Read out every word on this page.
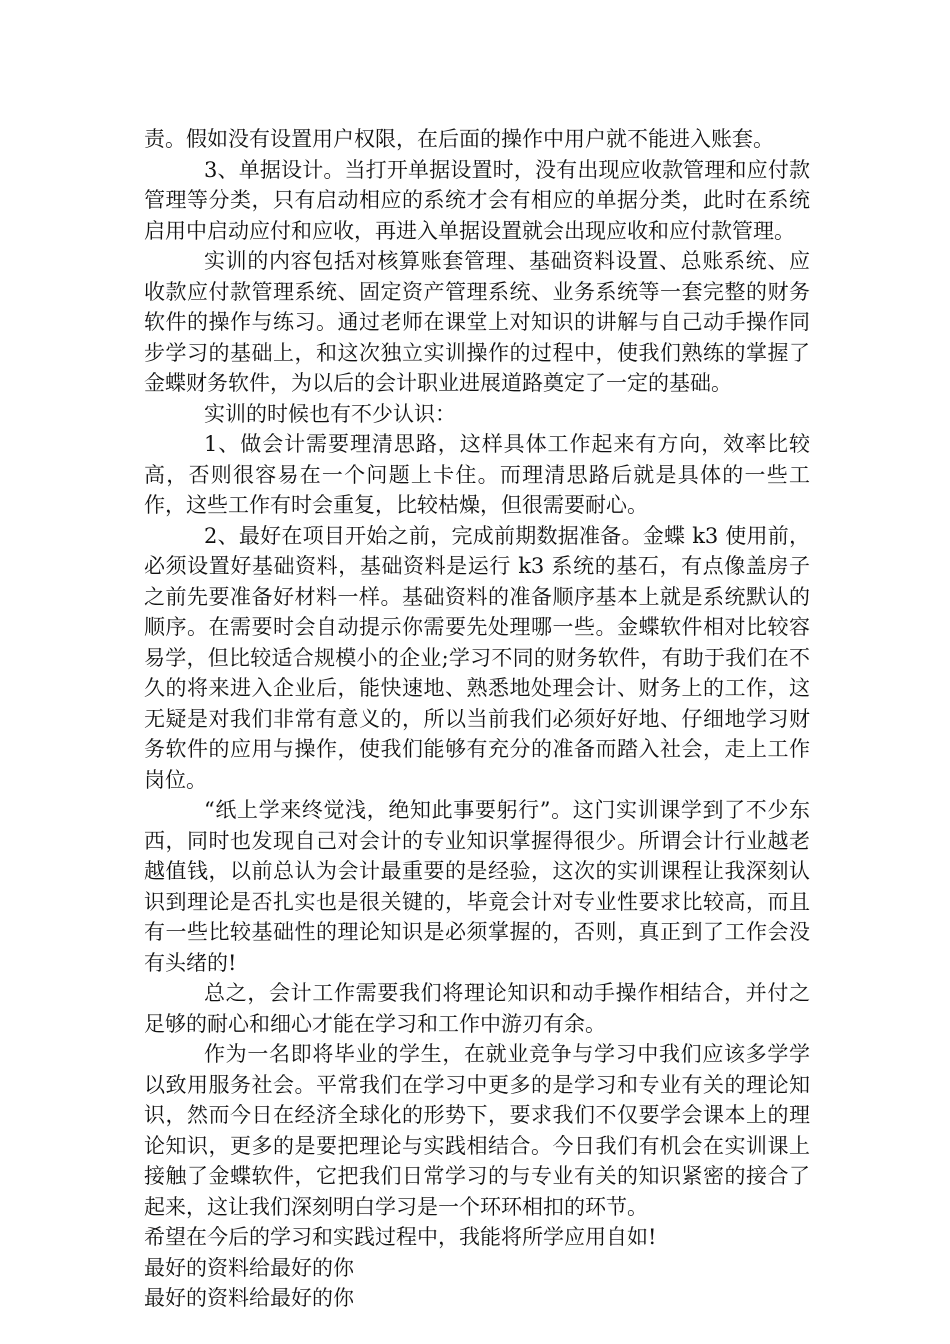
责。假如没有设置用户权限，在后面的操作中用户就不能进入账套。

3、单据设计。当打开单据设置时，没有出现应收款管理和应付款管理等分类，只有启动相应的系统才会有相应的单据分类，此时在系统启用中启动应付和应收，再进入单据设置就会出现应收和应付款管理。

实训的内容包括对核算账套管理、基础资料设置、总账系统、应收款应付款管理系统、固定资产管理系统、业务系统等一套完整的财务软件的操作与练习。通过老师在课堂上对知识的讲解与自己动手操作同步学习的基础上，和这次独立实训操作的过程中，使我们熟练的掌握了金蝶财务软件，为以后的会计职业进展道路奠定了一定的基础。

实训的时候也有不少认识：

1、做会计需要理清思路，这样具体工作起来有方向，效率比较高，否则很容易在一个问题上卡住。而理清思路后就是具体的一些工作，这些工作有时会重复，比较枯燥，但很需要耐心。

2、最好在项目开始之前，完成前期数据准备。金蝶 k3 使用前，必须设置好基础资料，基础资料是运行 k3 系统的基石，有点像盖房子之前先要准备好材料一样。基础资料的准备顺序基本上就是系统默认的顺序。在需要时会自动提示你需要先处理哪一些。金蝶软件相对比较容易学，但比较适合规模小的企业;学习不同的财务软件，有助于我们在不久的将来进入企业后，能快速地、熟悉地处理会计、财务上的工作，这无疑是对我们非常有意义的，所以当前我们必须好好地、仔细地学习财务软件的应用与操作，使我们能够有充分的准备而踏入社会，走上工作岗位。

“纸上学来终觉浅，绝知此事要躬行”。这门实训课学到了不少东西，同时也发现自己对会计的专业知识掌握得很少。所谓会计行业越老越值钱，以前总认为会计最重要的是经验，这次的实训课程让我深刻认识到理论是否扎实也是很关键的，毕竟会计对专业性要求比较高，而且有一些比较基础性的理论知识是必须掌握的，否则，真正到了工作会没有头绪的!

总之，会计工作需要我们将理论知识和动手操作相结合，并付之足够的耐心和细心才能在学习和工作中游刃有余。

作为一名即将毕业的学生，在就业竞争与学习中我们应该多学学以致用服务社会。平常我们在学习中更多的是学习和专业有关的理论知识，然而今日在经济全球化的形势下，要求我们不仅要学会课本上的理论知识，更多的是要把理论与实践相结合。今日我们有机会在实训课上接触了金蝶软件，它把我们日常学习的与专业有关的知识紧密的接合了起来，这让我们深刻明白学习是一个环环相扣的环节。

希望在今后的学习和实践过程中，我能将所学应用自如!

最好的资料给最好的你

最好的资料给最好的你
